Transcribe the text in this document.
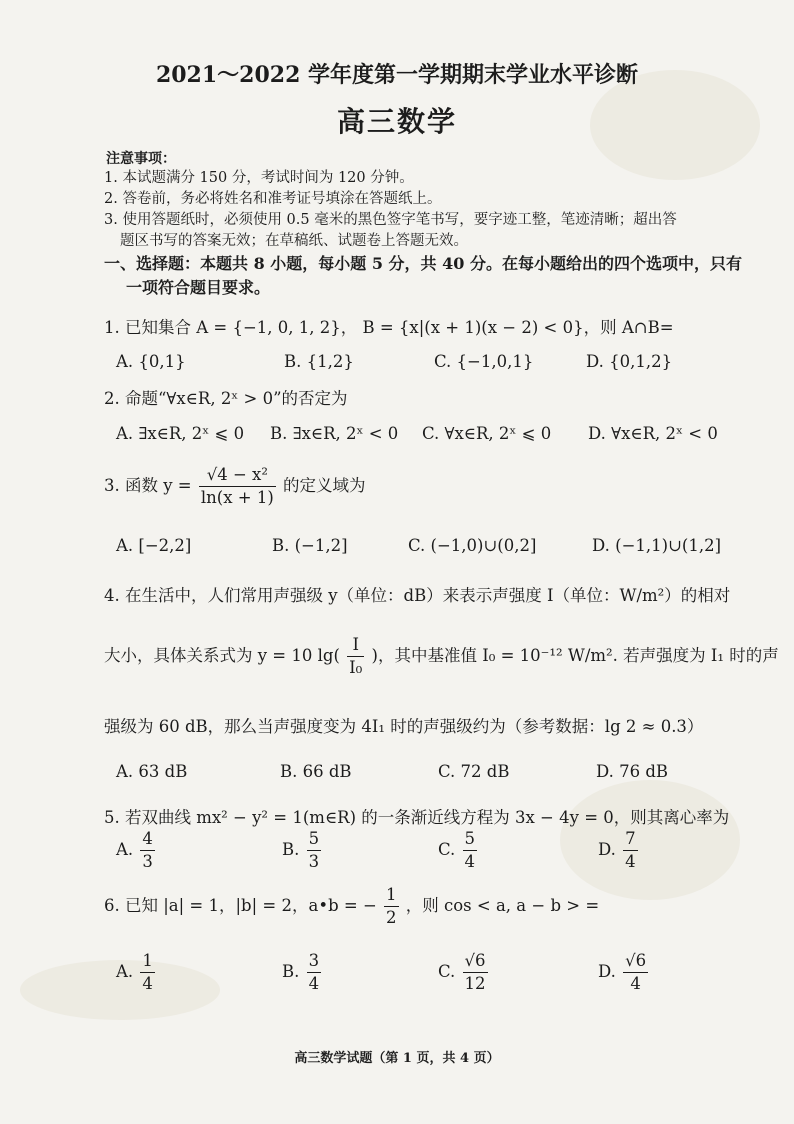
2021～2022 学年度第一学期期末学业水平诊断
高三数学
注意事项：
1. 本试题满分 150 分，考试时间为 120 分钟。
2. 答卷前，务必将姓名和准考证号填涂在答题纸上。
3. 使用答题纸时，必须使用 0.5 毫米的黑色签字笔书写，要字迹工整，笔迹清晰；超出答
题区书写的答案无效；在草稿纸、试题卷上答题无效。
一、选择题：本题共 8 小题，每小题 5 分，共 40 分。在每小题给出的四个选项中，只有
一项符合题目要求。
1. 已知集合 A = {−1, 0, 1, 2}， B = {x|(x + 1)(x − 2) < 0}，则 A∩B=
A. {0,1}	B. {1,2}	C. {−1,0,1}	D. {0,1,2}
2. 命题“∀x∈R, 2ˣ > 0”的否定为
A. ∃x∈R, 2ˣ ⩽ 0 B. ∃x∈R, 2ˣ < 0 C. ∀x∈R, 2ˣ ⩽ 0 D. ∀x∈R, 2ˣ < 0
3. 函数 $y = \frac{\text{√4 − x²}}{\ln(x + 1)}$ 的定义域为
A. [−2,2]	B. (−1,2]	C. (−1,0)∪(0,2]	D. (−1,1)∪(1,2]
4. 在生活中，人们常用声强级 y（单位：dB）来表示声强度 I（单位：W/m²）的相对
大小，具体关系式为 y = 10 $\lg( \frac{I}{\text{I₀}}$ )，其中基准值 I₀ = 10⁻¹² W/m². 若声强度为 I₁ 时的声
强级为 60 dB，那么当声强度变为 4I₁ 时的声强级约为（参考数据：lg 2 ≈ 0.3）
A. 63 dB	B. 66 dB	C. 72 dB	D. 76 dB
5. 若双曲线 mx² − y² = 1(m∈R) 的一条渐近线方程为 3x − 4y = 0，则其离心率为
A. $\frac{4}{3}$	B. $\frac{5}{3}$	C. $\frac{5}{4}$	D. $\frac{7}{4}$
6. 已知 |a| = 1，|b| = 2，a•b = − $\frac{1}{2}$ ，则 cos < a, a − b > =
A. $\frac{1}{4}$	B. $\frac{3}{4}$	C. $\frac{√6}{12}$	D. $\frac{√6}{4}$
高三数学试题（第 1 页，共 4 页）
